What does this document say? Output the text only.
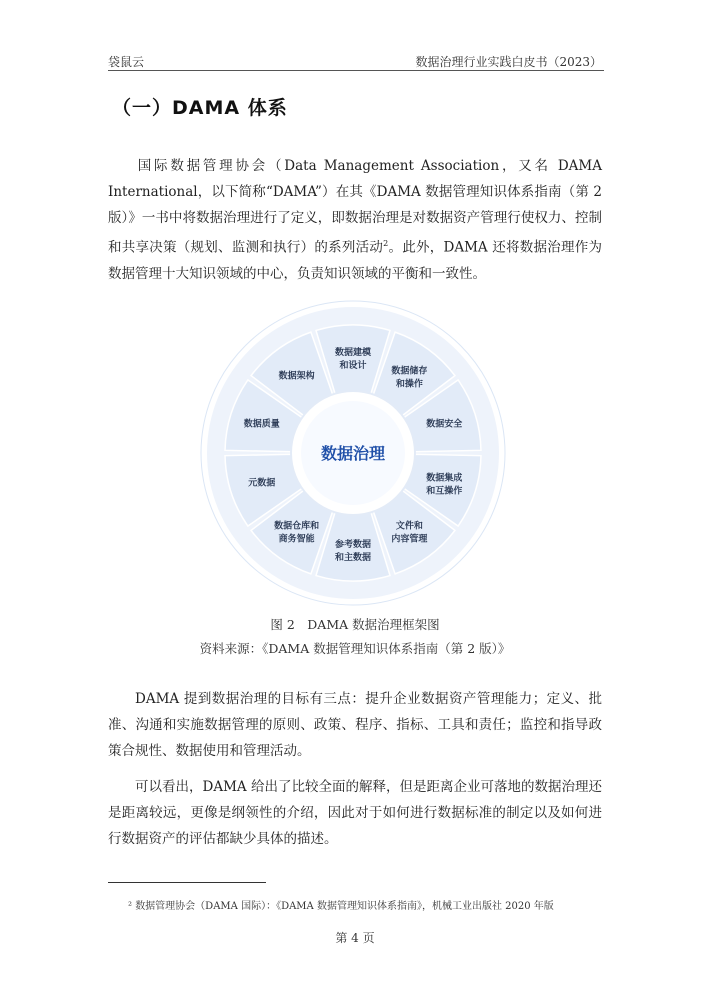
袋鼠云	数据治理行业实践白皮书（2023）
（一）DAMA 体系

国际数据管理协会（Data Management Association，又名 DAMA International，以下简称“DAMA”）在其《DAMA 数据管理知识体系指南（第 2 版）》一书中将数据治理进行了定义，即数据治理是对数据资产管理行使权力、控制和共享决策（规划、监测和执行）的系列活动$^2$。此外，DAMA 还将数据治理作为数据管理十大知识领域的中心，负责知识领域的平衡和一致性。

数据建模和设计
数据储存和操作
数据安全
数据集成和互操作
文件和内容管理
参考数据和主数据
数据仓库和商务智能
元数据
数据质量
数据架构
数据治理
图 2　DAMA 数据治理框架图
资料来源：《DAMA 数据管理知识体系指南（第 2 版）》

DAMA 提到数据治理的目标有三点：提升企业数据资产管理能力；定义、批准、沟通和实施数据管理的原则、政策、程序、指标、工具和责任；监控和指导政策合规性、数据使用和管理活动。

可以看出，DAMA 给出了比较全面的解释，但是距离企业可落地的数据治理还是距离较远，更像是纲领性的介绍，因此对于如何进行数据标准的制定以及如何进行数据资产的评估都缺少具体的描述。

² 数据管理协会（DAMA 国际）：《DAMA 数据管理知识体系指南》，机械工业出版社 2020 年版
第 4 页
